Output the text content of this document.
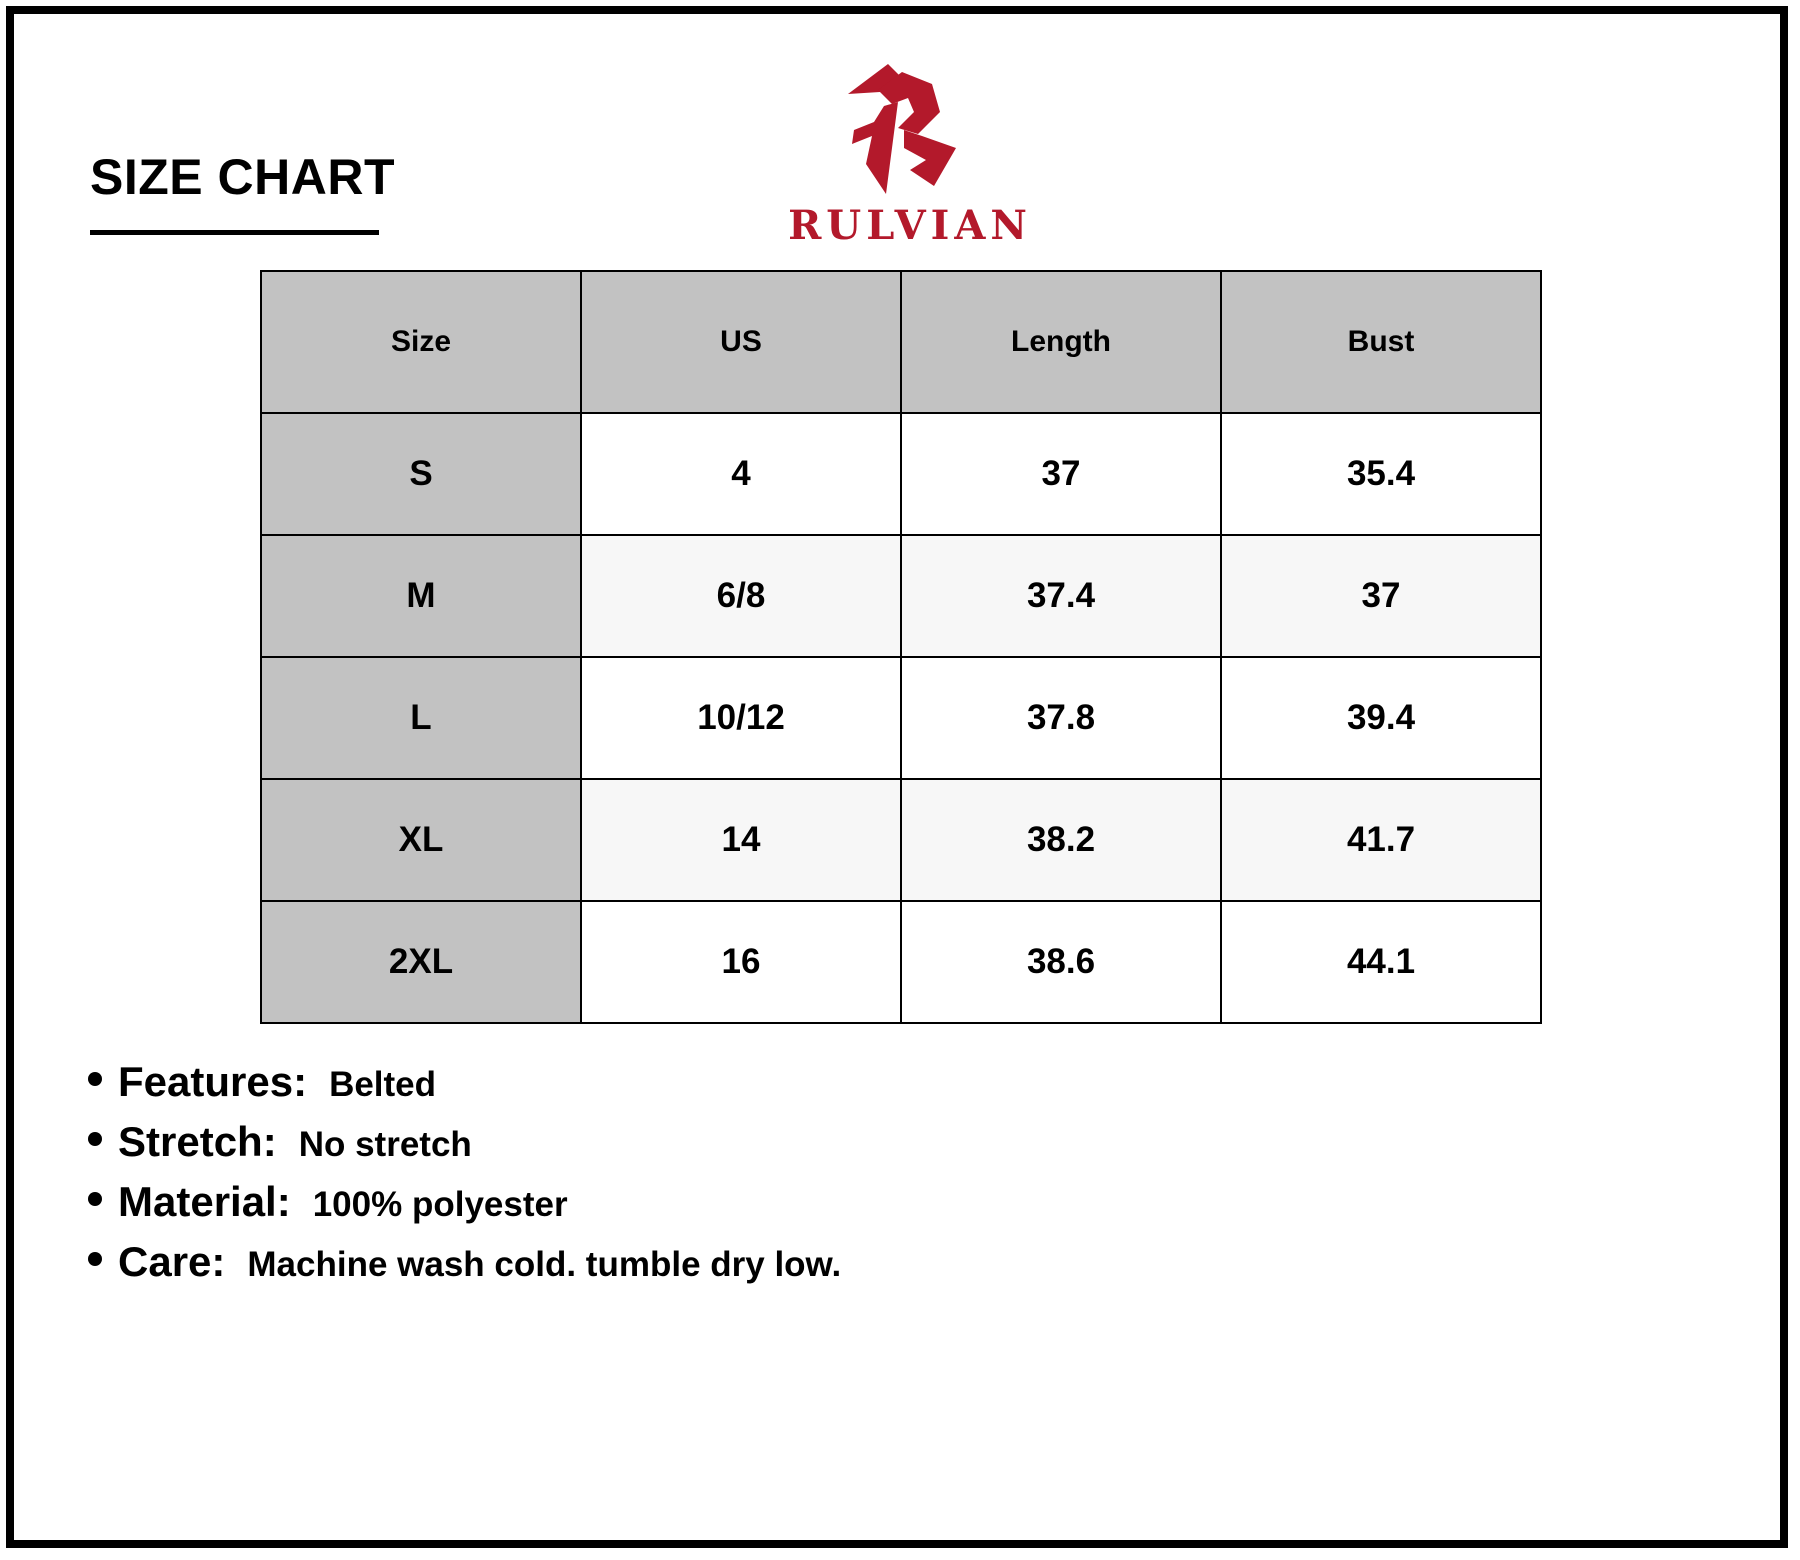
SIZE CHART
RULVIAN
Size	US	Length	Bust
S	4	37	35.4
M	6/8	37.4	37
L	10/12	37.8	39.4
XL	14	38.2	41.7
2XL	16	38.6	44.1
Features: Belted
Stretch: No stretch
Material: 100% polyester
Care: Machine wash cold. tumble dry low.
